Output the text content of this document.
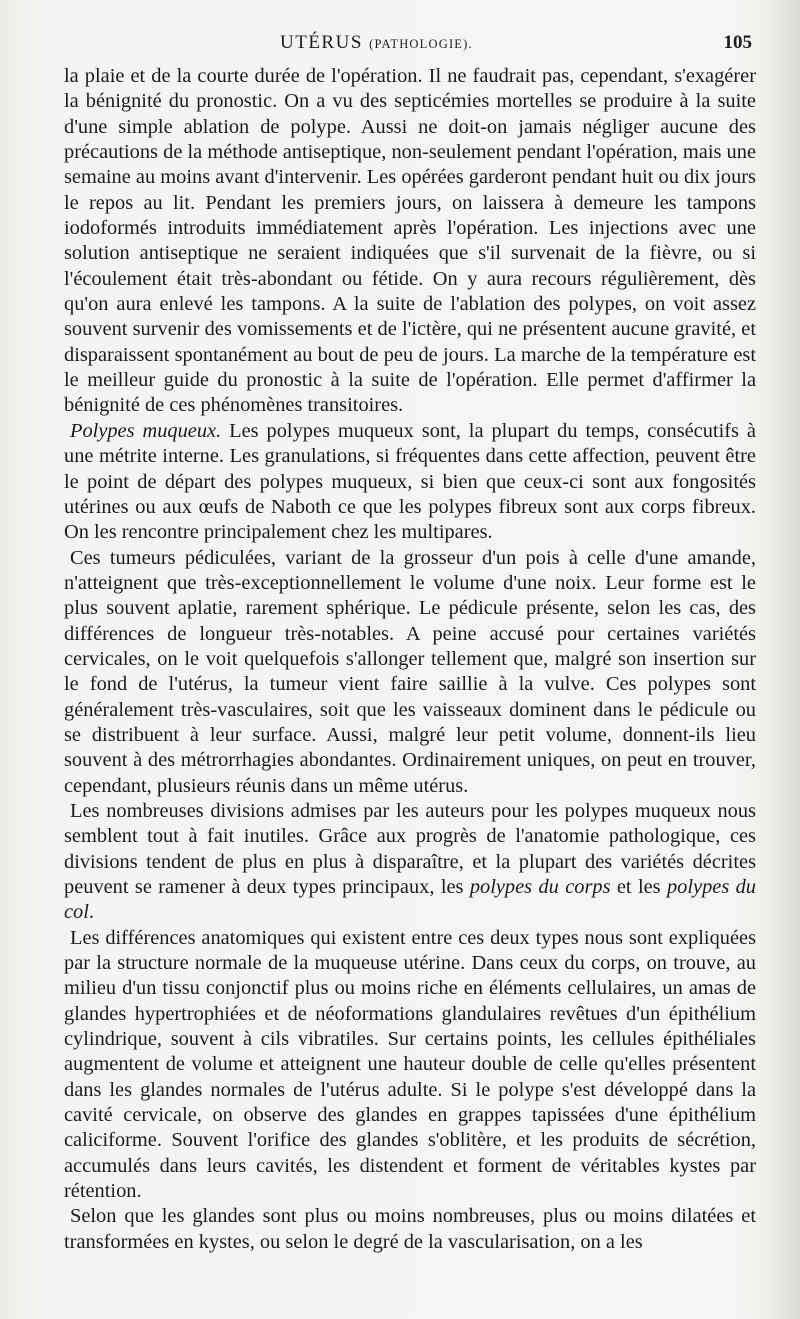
UTÉRUS (PATHOLOGIE).	105

la plaie et de la courte durée de l'opération. Il ne faudrait pas, cependant, s'exagérer la bénignité du pronostic. On a vu des septicémies mortelles se produire à la suite d'une simple ablation de polype. Aussi ne doit-on jamais négliger aucune des précautions de la méthode antiseptique, non-seulement pendant l'opération, mais une semaine au moins avant d'intervenir. Les opérées garderont pendant huit ou dix jours le repos au lit. Pendant les premiers jours, on laissera à demeure les tampons iodoformés introduits immédiatement après l'opération. Les injections avec une solution antiseptique ne seraient indiquées que s'il survenait de la fièvre, ou si l'écoulement était très-abondant ou fétide. On y aura recours régulièrement, dès qu'on aura enlevé les tampons. A la suite de l'ablation des polypes, on voit assez souvent survenir des vomissements et de l'ictère, qui ne présentent aucune gravité, et disparaissent spontanément au bout de peu de jours. La marche de la température est le meilleur guide du pronostic à la suite de l'opération. Elle permet d'affirmer la bénignité de ces phénomènes transitoires.

Polypes muqueux. Les polypes muqueux sont, la plupart du temps, consécutifs à une métrite interne. Les granulations, si fréquentes dans cette affection, peuvent être le point de départ des polypes muqueux, si bien que ceux-ci sont aux fongosités utérines ou aux œufs de Naboth ce que les polypes fibreux sont aux corps fibreux. On les rencontre principalement chez les multipares.

Ces tumeurs pédiculées, variant de la grosseur d'un pois à celle d'une amande, n'atteignent que très-exceptionnellement le volume d'une noix. Leur forme est le plus souvent aplatie, rarement sphérique. Le pédicule présente, selon les cas, des différences de longueur très-notables. A peine accusé pour certaines variétés cervicales, on le voit quelquefois s'allonger tellement que, malgré son insertion sur le fond de l'utérus, la tumeur vient faire saillie à la vulve. Ces polypes sont généralement très-vasculaires, soit que les vaisseaux dominent dans le pédicule ou se distribuent à leur surface. Aussi, malgré leur petit volume, donnent-ils lieu souvent à des métrorrhagies abondantes. Ordinairement uniques, on peut en trouver, cependant, plusieurs réunis dans un même utérus.

Les nombreuses divisions admises par les auteurs pour les polypes muqueux nous semblent tout à fait inutiles. Grâce aux progrès de l'anatomie pathologique, ces divisions tendent de plus en plus à disparaître, et la plupart des variétés décrites peuvent se ramener à deux types principaux, les polypes du corps et les polypes du col.

Les différences anatomiques qui existent entre ces deux types nous sont expliquées par la structure normale de la muqueuse utérine. Dans ceux du corps, on trouve, au milieu d'un tissu conjonctif plus ou moins riche en éléments cellulaires, un amas de glandes hypertrophiées et de néoformations glandulaires revêtues d'un épithélium cylindrique, souvent à cils vibratiles. Sur certains points, les cellules épithéliales augmentent de volume et atteignent une hauteur double de celle qu'elles présentent dans les glandes normales de l'utérus adulte. Si le polype s'est développé dans la cavité cervicale, on observe des glandes en grappes tapissées d'une épithélium caliciforme. Souvent l'orifice des glandes s'oblitère, et les produits de sécrétion, accumulés dans leurs cavités, les distendent et forment de véritables kystes par rétention.

Selon que les glandes sont plus ou moins nombreuses, plus ou moins dilatées et transformées en kystes, ou selon le degré de la vascularisation, on a les
